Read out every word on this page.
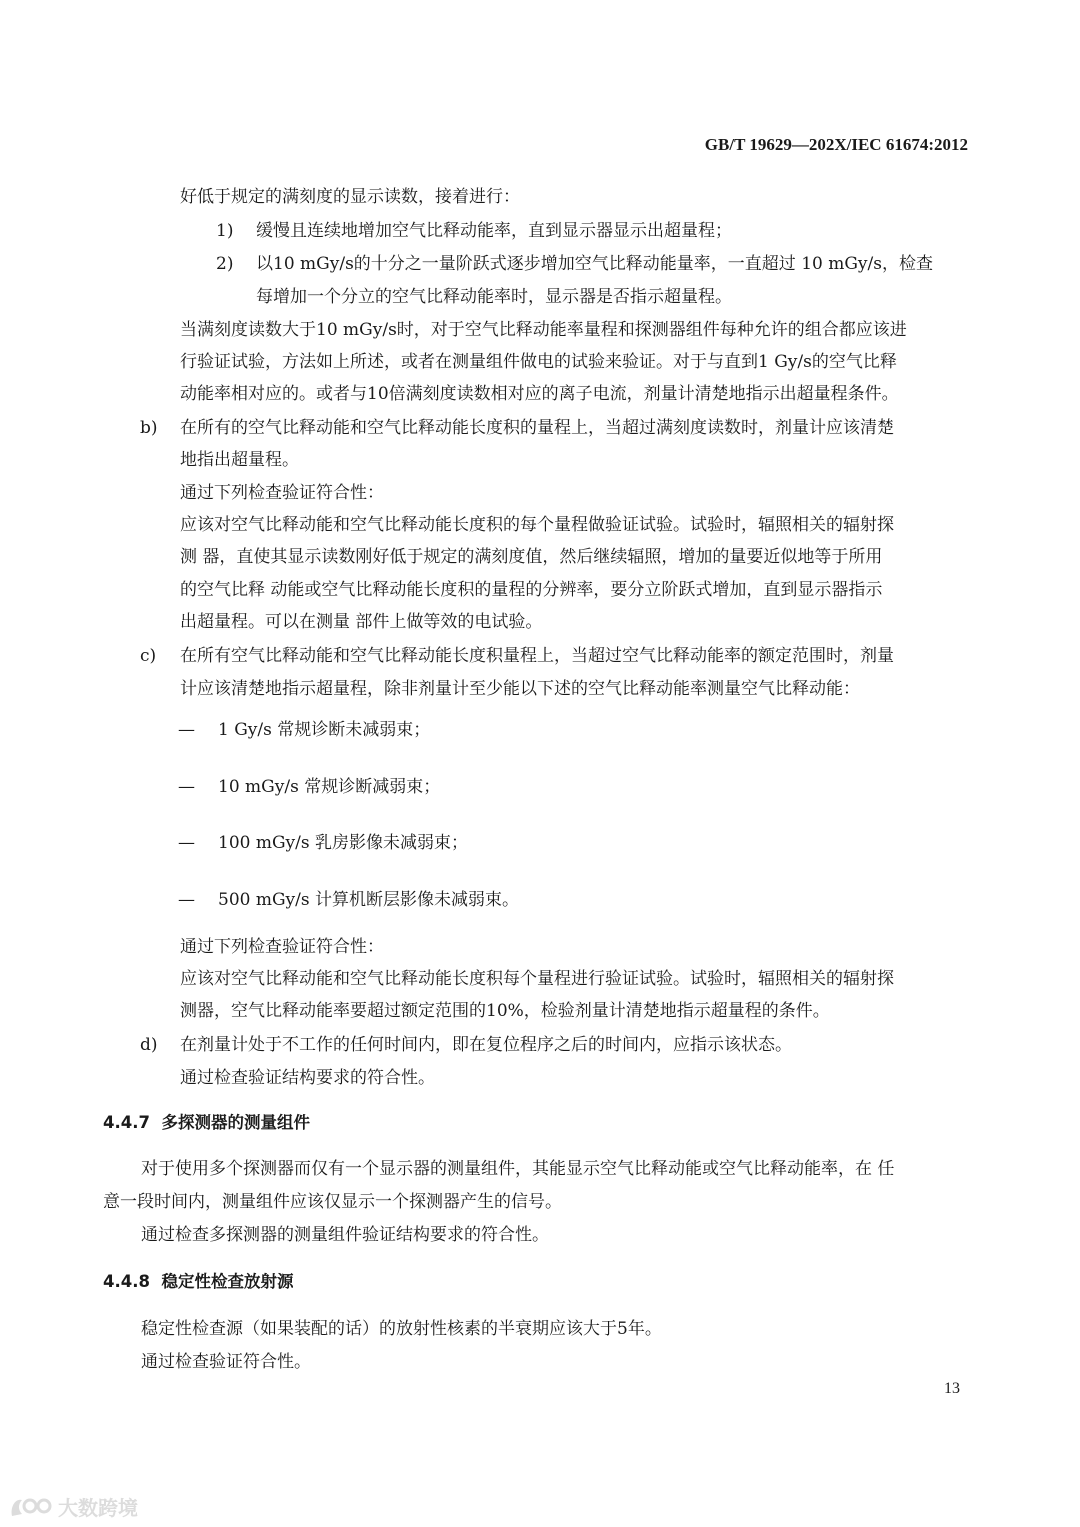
GB/T 19629—202X/IEC 61674:2012
好低于规定的满刻度的显示读数，接着进行：
1) 缓慢且连续地增加空气比释动能率，直到显示器显示出超量程；
2) 以10 mGy/s的十分之一量阶跃式逐步增加空气比释动能量率，一直超过 10 mGy/s，检查
每增加一个分立的空气比释动能率时，显示器是否指示超量程。
当满刻度读数大于10 mGy/s时，对于空气比释动能率量程和探测器组件每种允许的组合都应该进
行验证试验，方法如上所述，或者在测量组件做电的试验来验证。对于与直到1 Gy/s的空气比释
动能率相对应的。或者与10倍满刻度读数相对应的离子电流，剂量计清楚地指示出超量程条件。
b) 在所有的空气比释动能和空气比释动能长度积的量程上，当超过满刻度读数时，剂量计应该清楚
地指出超量程。
通过下列检查验证符合性：
应该对空气比释动能和空气比释动能长度积的每个量程做验证试验。试验时，辐照相关的辐射探
测 器，直使其显示读数刚好低于规定的满刻度值，然后继续辐照，增加的量要近似地等于所用
的空气比释 动能或空气比释动能长度积的量程的分辨率，要分立阶跃式增加，直到显示器指示
出超量程。可以在测量 部件上做等效的电试验。
c) 在所有空气比释动能和空气比释动能长度积量程上，当超过空气比释动能率的额定范围时，剂量
计应该清楚地指示超量程，除非剂量计至少能以下述的空气比释动能率测量空气比释动能：
— 1 Gy/s 常规诊断未减弱束；
— 10 mGy/s 常规诊断减弱束；
— 100 mGy/s 乳房影像未减弱束；
— 500 mGy/s 计算机断层影像未减弱束。
通过下列检查验证符合性：
应该对空气比释动能和空气比释动能长度积每个量程进行验证试验。试验时，辐照相关的辐射探
测器，空气比释动能率要超过额定范围的10%，检验剂量计清楚地指示超量程的条件。
d) 在剂量计处于不工作的任何时间内，即在复位程序之后的时间内，应指示该状态。
通过检查验证结构要求的符合性。
4.4.7 多探测器的测量组件
对于使用多个探测器而仅有一个显示器的测量组件，其能显示空气比释动能或空气比释动能率，在 任
意一段时间内，测量组件应该仅显示一个探测器产生的信号。
通过检查多探测器的测量组件验证结构要求的符合性。
4.4.8 稳定性检查放射源
稳定性检查源（如果装配的话）的放射性核素的半衰期应该大于5年。
通过检查验证符合性。
13
大数跨境
